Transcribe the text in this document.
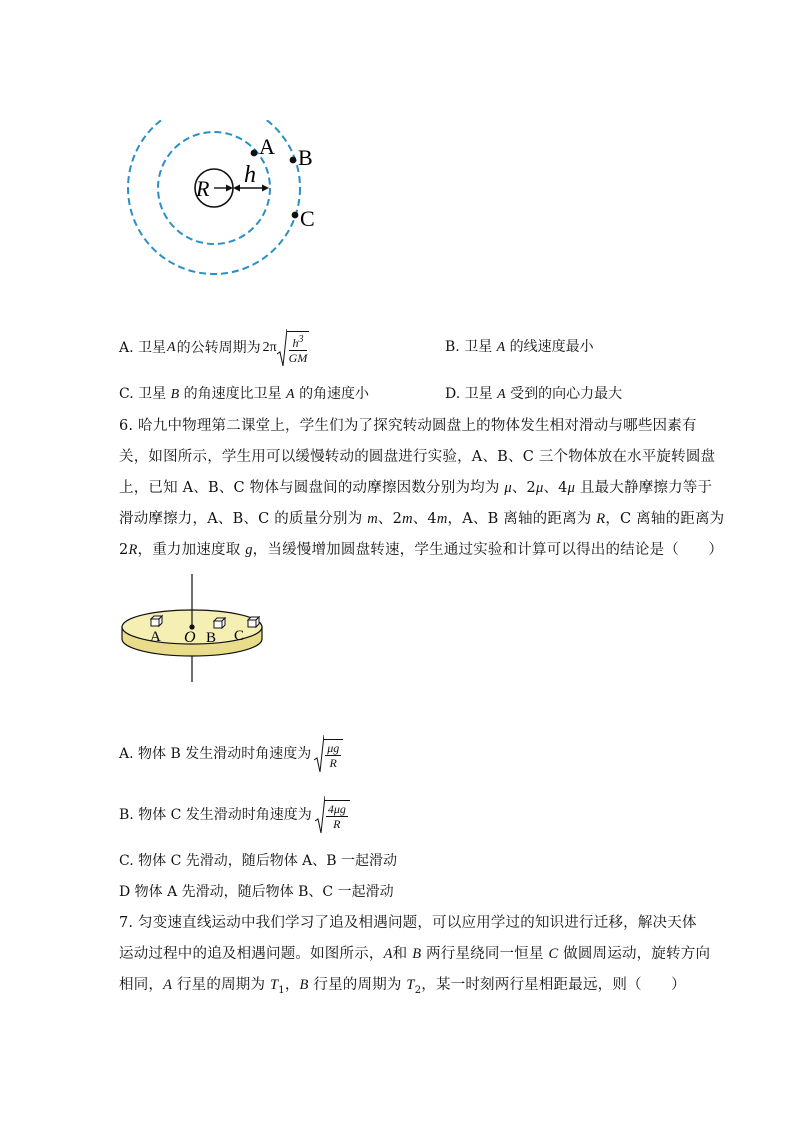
R
h
A B
C
A. 卫星 A 的公转周期为 $2\pi \frac{h^3}{GM}$	B. 卫星 A 的线速度最小
C. 卫星 B 的角速度比卫星 A 的角速度小	D. 卫星 A 受到的向心力最大
6. 哈九中物理第二课堂上，学生们为了探究转动圆盘上的物体发生相对滑动与哪些因素有
关，如图所示，学生用可以缓慢转动的圆盘进行实验，A、B、C 三个物体放在水平旋转圆盘
上，已知 A、B、C 物体与圆盘间的动摩擦因数分别为均为 μ、2μ、4μ 且最大静摩擦力等于
滑动摩擦力，A、B、C 的质量分别为 m、2m、4m，A、B 离轴的距离为 R，C 离轴的距离为
2R，重力加速度取 g，当缓慢增加圆盘转速，学生通过实验和计算可以得出的结论是（　　）
A O B C
A. 物体 B 发生滑动时角速度为 $\frac{\mu g}{R}$
B. 物体 C 发生滑动时角速度为 $\frac{4\mu g}{R}$
C. 物体 C 先滑动，随后物体 A、B 一起滑动
D 物体 A 先滑动，随后物体 B、C 一起滑动
7. 匀变速直线运动中我们学习了追及相遇问题，可以应用学过的知识进行迁移，解决天体
运动过程中的追及相遇问题。如图所示，A和 B 两行星绕同一恒星 C 做圆周运动，旋转方向
相同，A 行星的周期为 $T_1$，B 行星的周期为 $T_2$，某一时刻两行星相距最远，则（　　）
